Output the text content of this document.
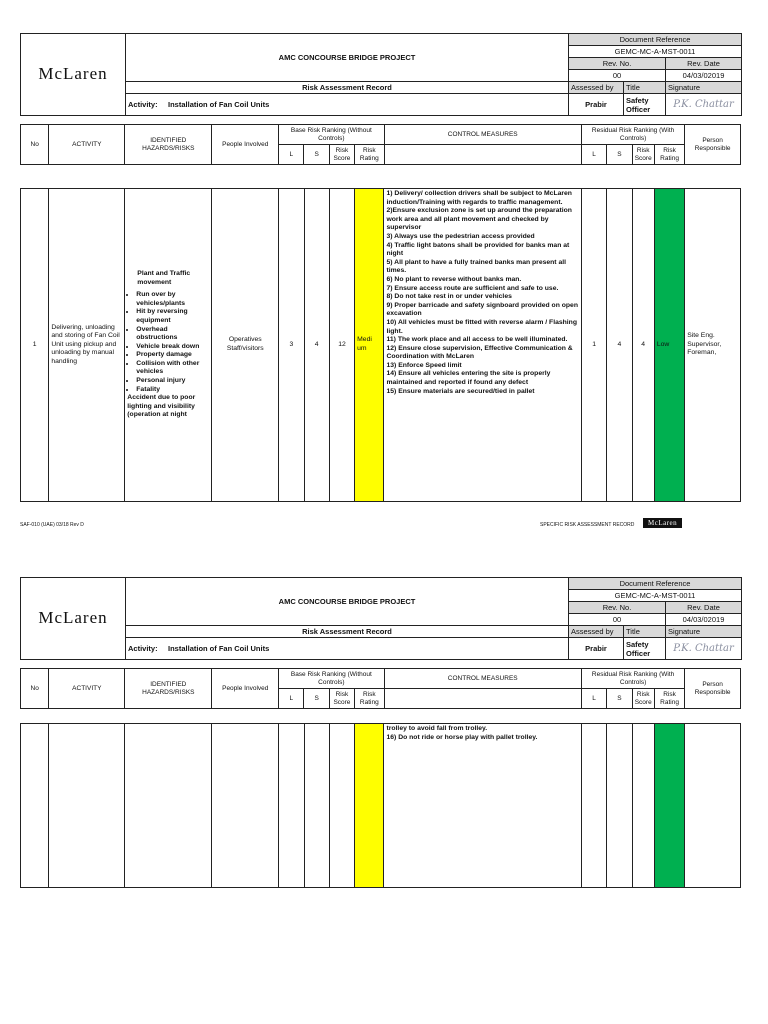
McLaren	AMC CONCOURSE BRIDGE PROJECT	Document Reference		
		GEMC-MC-A-MST-0011		
		Rev. No.		Rev. Date
		00		04/03/02019
	Risk Assessment Record	Assessed by	Title	Signature
	Activity: Installation of Fan Coil Units	Prabir	Safety Officer	P.K. Chattar
No	ACTIVITY	IDENTIFIED HAZARDS/RISKS	People Involved	Base Risk Ranking (Without Controls)				CONTROL MEASURES	Residual Risk Ranking (With Controls)				Person Responsible
				L	S	Risk Score	Risk Rating		L	S	Risk Score	Risk Rating	
1	Delivering, unloading and storing of Fan Coil Unit using pickup and unloading by manual handling	
Plant and Traffic movement
• Run over by vehicles/plants
• Hit by reversing equipment
• Overhead obstructions
• Vehicle break down
• Property damage
• Collision with other vehicles
• Personal injury
• Fatality
Accident due to poor lighting and visibility (operation at night
	Operatives Staff/visitors	3	4	12	Medi um	
1) Delivery/ collection drivers shall be subject to McLaren induction/Training with regards to traffic management.
2)Ensure exclusion zone is set up around the preparation work area and all plant movement and checked by supervisor
3) Always use the pedestrian access provided
4) Traffic light batons shall be provided for banks man at night
5) All plant to have a fully trained banks man present all times.
6) No plant to reverse without banks man.
7) Ensure access route are sufficient and safe to use.
8) Do not take rest in or under vehicles
9) Proper barricade and safety signboard provided on open excavation
10) All vehicles must be fitted with reverse alarm / Flashing light.
11) The work place and all access to be well illuminated.
12) Ensure close supervision, Effective Communication & Coordination with McLaren
13) Enforce Speed limit
14) Ensure all vehicles entering the site is properly maintained and reported if found any defect
15) Ensure materials are secured/tied in pallet
	1	4	4	Low	Site Eng. Supervisor, Foreman,
SAF-010 (UAE) 03/18 Rev D	SPECIFIC RISK ASSESSMENT RECORD	McLaren
McLaren	AMC CONCOURSE BRIDGE PROJECT	Document Reference		
		GEMC-MC-A-MST-0011		
		Rev. No.		Rev. Date
		00		04/03/02019
	Risk Assessment Record	Assessed by	Title	Signature
	Activity: Installation of Fan Coil Units	Prabir	Safety Officer	P.K. Chattar
No	ACTIVITY	IDENTIFIED HAZARDS/RISKS	People Involved	Base Risk Ranking (Without Controls)				CONTROL MEASURES	Residual Risk Ranking (With Controls)				Person Responsible
				L	S	Risk Score	Risk Rating		L	S	Risk Score	Risk Rating	

trolley to avoid fall from trolley.
16) Do not ride or horse play with pallet trolley.
